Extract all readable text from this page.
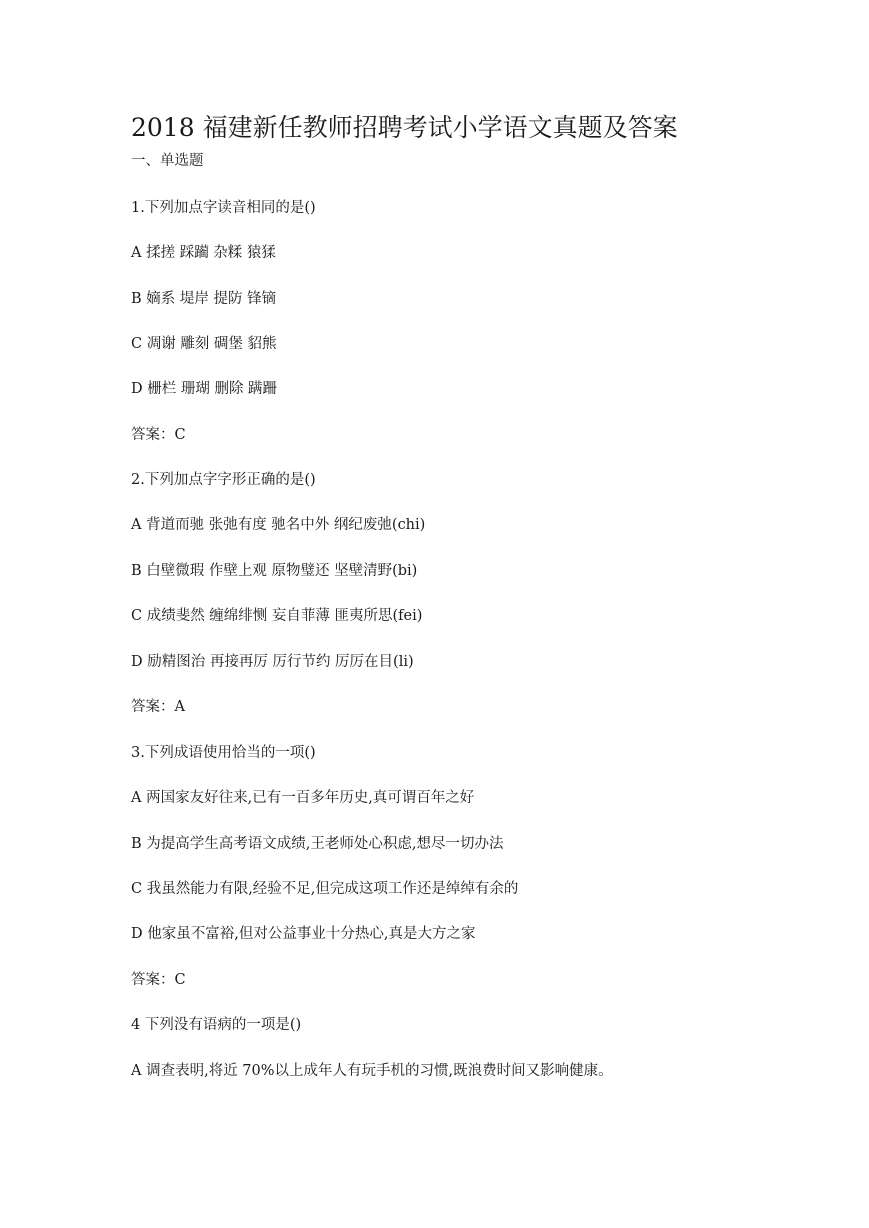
2018 福建新任教师招聘考试小学语文真题及答案
一、单选题
1.下列加点字读音相同的是()
A 揉搓 踩躏 杂糅 猿猱
B 嫡系 堤岸 提防 锋镝
C 凋谢 雕刻 碉堡 貂熊
D 栅栏 珊瑚 删除 蹒跚
答案：C
2.下列加点字字形正确的是()
A 背道而驰 张弛有度 驰名中外 纲纪废弛(chi)
B 白壁微瑕 作壁上观 原物璧还 坚壁清野(bi)
C 成绩斐然 缠绵绯恻 妄自菲薄 匪夷所思(fei)
D 励精图治 再接再厉 厉行节约 厉厉在目(li)
答案：A
3.下列成语使用恰当的一项()
A 两国家友好往来,已有一百多年历史,真可谓百年之好
B 为提高学生高考语文成绩,王老师处心积虑,想尽一切办法
C 我虽然能力有限,经验不足,但完成这项工作还是绰绰有余的
D 他家虽不富裕,但对公益事业十分热心,真是大方之家
答案：C
4 下列没有语病的一项是()
A 调查表明,将近 70%以上成年人有玩手机的习惯,既浪费时间又影响健康。
